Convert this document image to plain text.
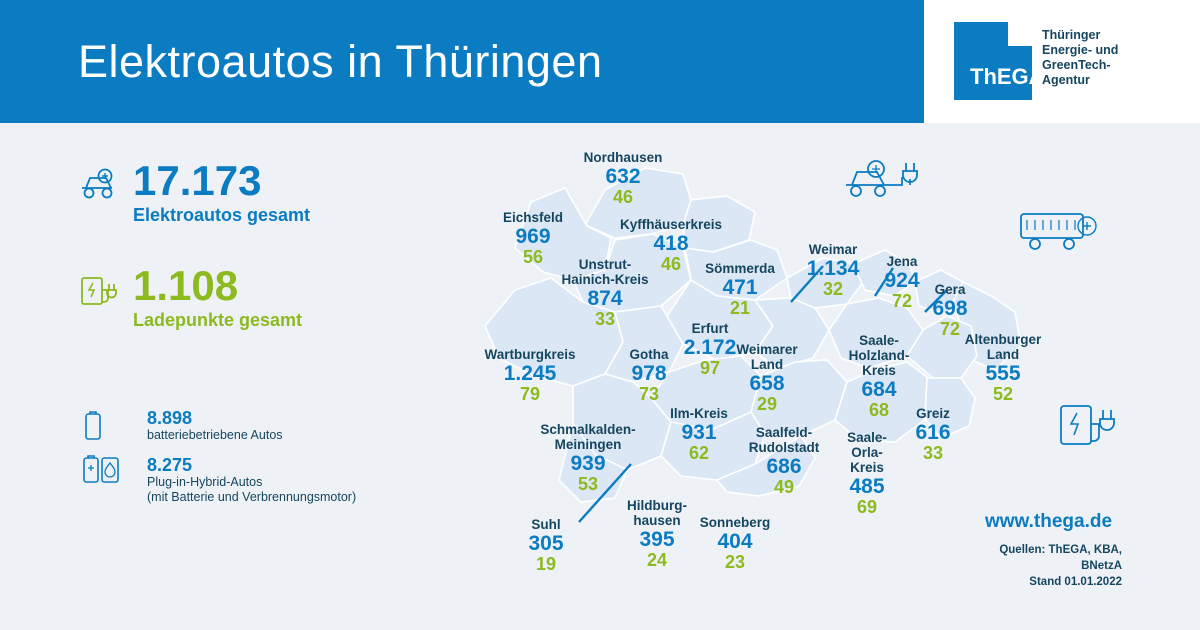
Elektroautos in Thüringen	ThEGA
Thüringer
Energie- und
GreenTech-
Agentur
17.173
Elektroautos gesamt
1.108
Ladepunkte gesamt
8.898
batteriebetriebene Autos
8.275
Plug-in-Hybrid-Autos
(mit Batterie und Verbrennungsmotor)
www.thega.de
Quellen: ThEGA, KBA, BNetzA
Stand 01.01.2022
Nordhausen
632
46
Eichsfeld
969
56
Kyffhäuserkreis
418
46
Unstrut-
Hainich-Kreis
874
33
Sömmerda
471
21
Weimar
1.134
32
Jena
924
72
Gera
698
72
Altenburger
Land
555
52
Erfurt
2.172
97
Wartburgkreis
1.245
79
Gotha
978
73
Weimarer
Land
658
29
Saale-
Holzland-
Kreis
684
68
Ilm-Kreis
931
62
Greiz
616
33
Saalfeld-
Rudolstadt
686
49
Schmalkalden-
Meiningen
939
53
Saale-
Orla-
Kreis
485
69
Suhl
305
19
Hildburg-
hausen
395
24
Sonneberg
404
23
